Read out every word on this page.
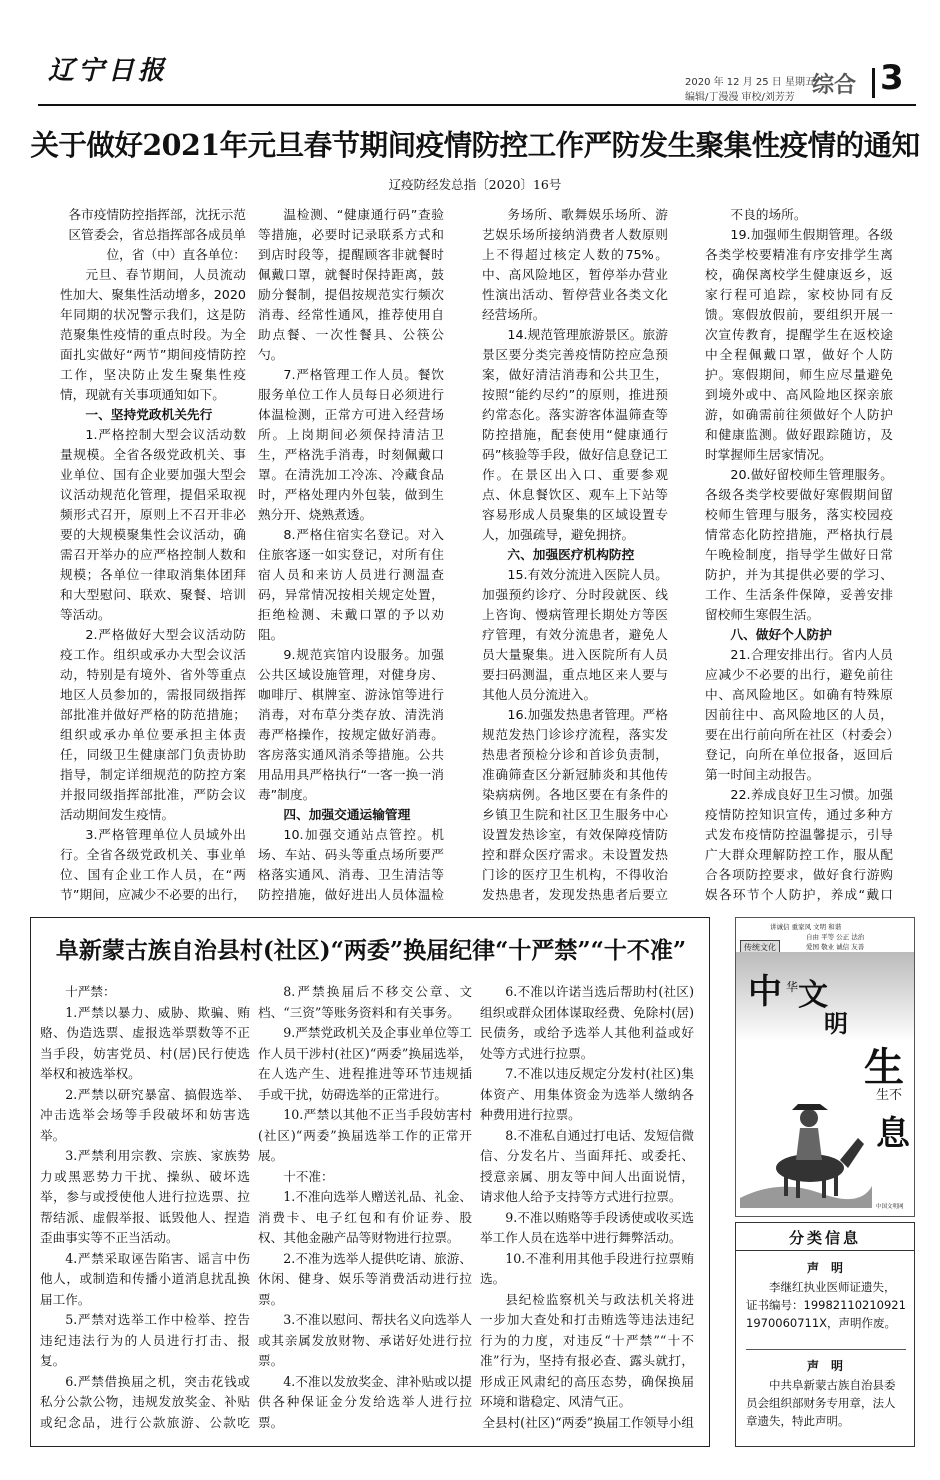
辽宁日报	2020 年 12 月 25 日 星期五
编辑/丁漫漫 审校/刘芳芳 综合 3
关于做好2021年元旦春节期间疫情防控工作严防发生聚集性疫情的通知
辽疫防经发总指〔2020〕16号

各市疫情防控指挥部，沈抚示范区管委会，省总指挥部各成员单位，省（中）直各单位：

元旦、春节期间，人员流动性加大、聚集性活动增多，2020年同期的状况警示我们，这是防范聚集性疫情的重点时段。为全面扎实做好“两节”期间疫情防控工作，坚决防止发生聚集性疫情，现就有关事项通知如下。

一、坚持党政机关先行

1.严格控制大型会议活动数量规模。全省各级党政机关、事业单位、国有企业要加强大型会议活动规范化管理，提倡采取视频形式召开，原则上不召开非必要的大规模聚集性会议活动，确需召开举办的应严格控制人数和规模；各单位一律取消集体团拜和大型慰问、联欢、聚餐、培训等活动。

2.严格做好大型会议活动防疫工作。组织或承办大型会议活动，特别是有境外、省外等重点地区人员参加的，需报同级指挥部批准并做好严格的防范措施；组织或承办单位要承担主体责任，同级卫生健康部门负责协助指导，制定详细规范的防控方案并报同级指挥部批准，严防会议活动期间发生疫情。

3.严格管理单位人员域外出行。全省各级党政机关、事业单位、国有企业工作人员，在“两节”期间，应减少不必要的出行，

温检测、“健康通行码”查验等措施，必要时记录联系方式和到店时段等，提醒顾客非就餐时佩戴口罩，就餐时保持距离，鼓励分餐制，提倡按规范实行频次消毒、经常性通风，推荐使用自助点餐、一次性餐具、公筷公勺。

7.严格管理工作人员。餐饮服务单位工作人员每日必须进行体温检测，正常方可进入经营场所。上岗期间必须保持清洁卫生，严格洗手消毒，时刻佩戴口罩。在清洗加工冷冻、冷藏食品时，严格处理内外包装，做到生熟分开、烧熟煮透。

8.严格住宿实名登记。对入住旅客逐一如实登记，对所有住宿人员和来访人员进行测温查码，异常情况按相关规定处置，拒绝检测、未戴口罩的予以劝阻。

9.规范宾馆内设服务。加强公共区域设施管理，对健身房、咖啡厅、棋牌室、游泳馆等进行消毒，对布草分类存放、清洗消毒严格操作，按规定做好消毒。客房落实通风消杀等措施。公共用品用具严格执行“一客一换一消毒”制度。

四、加强交通运输管理

10.加强交通站点管控。机场、车站、码头等重点场所要严格落实通风、消毒、卫生清洁等防控措施，做好进出人员体温检

务场所、歌舞娱乐场所、游艺娱乐场所接纳消费者人数原则上不得超过核定人数的75%。中、高风险地区，暂停举办营业性演出活动、暂停营业各类文化经营场所。

14.规范管理旅游景区。旅游景区要分类完善疫情防控应急预案，做好清洁消毒和公共卫生，按照“能约尽约”的原则，推进预约常态化。落实游客体温筛查等防控措施，配套使用“健康通行码”核验等手段，做好信息登记工作。在景区出入口、重要参观点、休息餐饮区、观车上下站等容易形成人员聚集的区域设置专人，加强疏导，避免拥挤。

六、加强医疗机构防控

15.有效分流进入医院人员。加强预约诊疗、分时段就医、线上咨询、慢病管理长期处方等医疗管理，有效分流患者，避免人员大量聚集。进入医院所有人员要扫码测温，重点地区来人要与其他人员分流进入。

16.加强发热患者管理。严格规范发热门诊诊疗流程，落实发热患者预检分诊和首诊负责制，准确筛查区分新冠肺炎和其他传染病病例。各地区要在有条件的乡镇卫生院和社区卫生服务中心设置发热诊室，有效保障疫情防控和群众医疗需求。未设置发热门诊的医疗卫生机构，不得收治发热患者，发现发热患者后要立

不良的场所。

19.加强师生假期管理。各级各类学校要精准有序安排学生离校，确保离校学生健康返乡，返家行程可追踪，家校协同有反馈。寒假放假前，要组织开展一次宣传教育，提醒学生在返校途中全程佩戴口罩，做好个人防护。寒假期间，师生应尽量避免到境外或中、高风险地区探亲旅游，如确需前往须做好个人防护和健康监测。做好跟踪随访，及时掌握师生居家情况。

20.做好留校师生管理服务。各级各类学校要做好寒假期间留校师生管理与服务，落实校园疫情常态化防控措施，严格执行晨午晚检制度，指导学生做好日常防护，并为其提供必要的学习、工作、生活条件保障，妥善安排留校师生寒假生活。

八、做好个人防护

21.合理安排出行。省内人员应减少不必要的出行，避免前往中、高风险地区。如确有特殊原因前往中、高风险地区的人员，要在出行前向所在社区（村委会）登记，向所在单位报备，返回后第一时间主动报告。

22.养成良好卫生习惯。加强疫情防控知识宣传，通过多种方式发布疫情防控温馨提示，引导广大群众理解防控工作，服从配合各项防控要求，做好食行游购娱各环节个人防护，养成“戴口

阜新蒙古族自治县村(社区)“两委”换届纪律“十严禁”“十不准”

十严禁：

1.严禁以暴力、威胁、欺骗、贿赂、伪造选票、虚报选举票数等不正当手段，妨害党员、村(居)民行使选举权和被选举权。

2.严禁以研究暴富、搞假选举、冲击选举会场等手段破坏和妨害选举。

3.严禁利用宗教、宗族、家族势力或黑恶势力干扰、操纵、破坏选举，参与或授使他人进行拉选票、拉帮结派、虚假举报、诋毁他人、捏造歪曲事实等不正当活动。

4.严禁采取诬告陷害、谣言中伤他人，或制造和传播小道消息扰乱换届工作。

5.严禁对选举工作中检举、控告违纪违法行为的人员进行打击、报复。

6.严禁借换届之机，突击花钱或私分公款公物，违规发放奖金、补贴或纪念品，进行公款旅游、公款吃

8.严禁换届后不移交公章、文档、“三资”等账务资料和有关事务。

9.严禁党政机关及企事业单位等工作人员干涉村(社区)“两委”换届选举，在人选产生、进程推进等环节违规插手或干扰，妨碍选举的正常进行。

10.严禁以其他不正当手段妨害村(社区)“两委”换届选举工作的正常开展。

十不准：

1.不准向选举人赠送礼品、礼金、消费卡、电子红包和有价证券、股权、其他金融产品等财物进行拉票。

2.不准为选举人提供吃请、旅游、休闲、健身、娱乐等消费活动进行拉票。

3.不准以慰问、帮扶名义向选举人或其亲属发放财物、承诺好处进行拉票。

4.不准以发放奖金、津补贴或以提供各种保证金分发给选举人进行拉票。

6.不准以许诺当选后帮助村(社区)组织或群众团体谋取经费、免除村(居)民债务，或给予选举人其他利益或好处等方式进行拉票。

7.不准以违反规定分发村(社区)集体资产、用集体资金为选举人缴纳各种费用进行拉票。

8.不准私自通过打电话、发短信微信、分发名片、当面拜托、或委托、授意亲属、朋友等中间人出面说情，请求他人给予支持等方式进行拉票。

9.不准以贿赂等手段诱使或收买选举工作人员在选举中进行舞弊活动。

10.不准利用其他手段进行拉票贿选。

县纪检监察机关与政法机关将进一步加大查处和打击贿选等违法违纪行为的力度，对违反“十严禁”“十不准”行为，坚持有报必查、露头就打，形成正风肃纪的高压态势，确保换届环境和谐稳定、风清气正。

全县村(社区)“两委”换届工作领导小组

讲诚信 重家风 文明 和谐
自由 平等 公正 法治
爱国 敬业 诚信 友善
传统文化
中 华 文
明
生
生不
息
中国文明网
分类信息
声　明
李继红执业医师证遗失，证书编号：199821102109211970060711X，声明作废。
声　明
中共阜新蒙古族自治县委员会组织部财务专用章，法人章遗失，特此声明。
